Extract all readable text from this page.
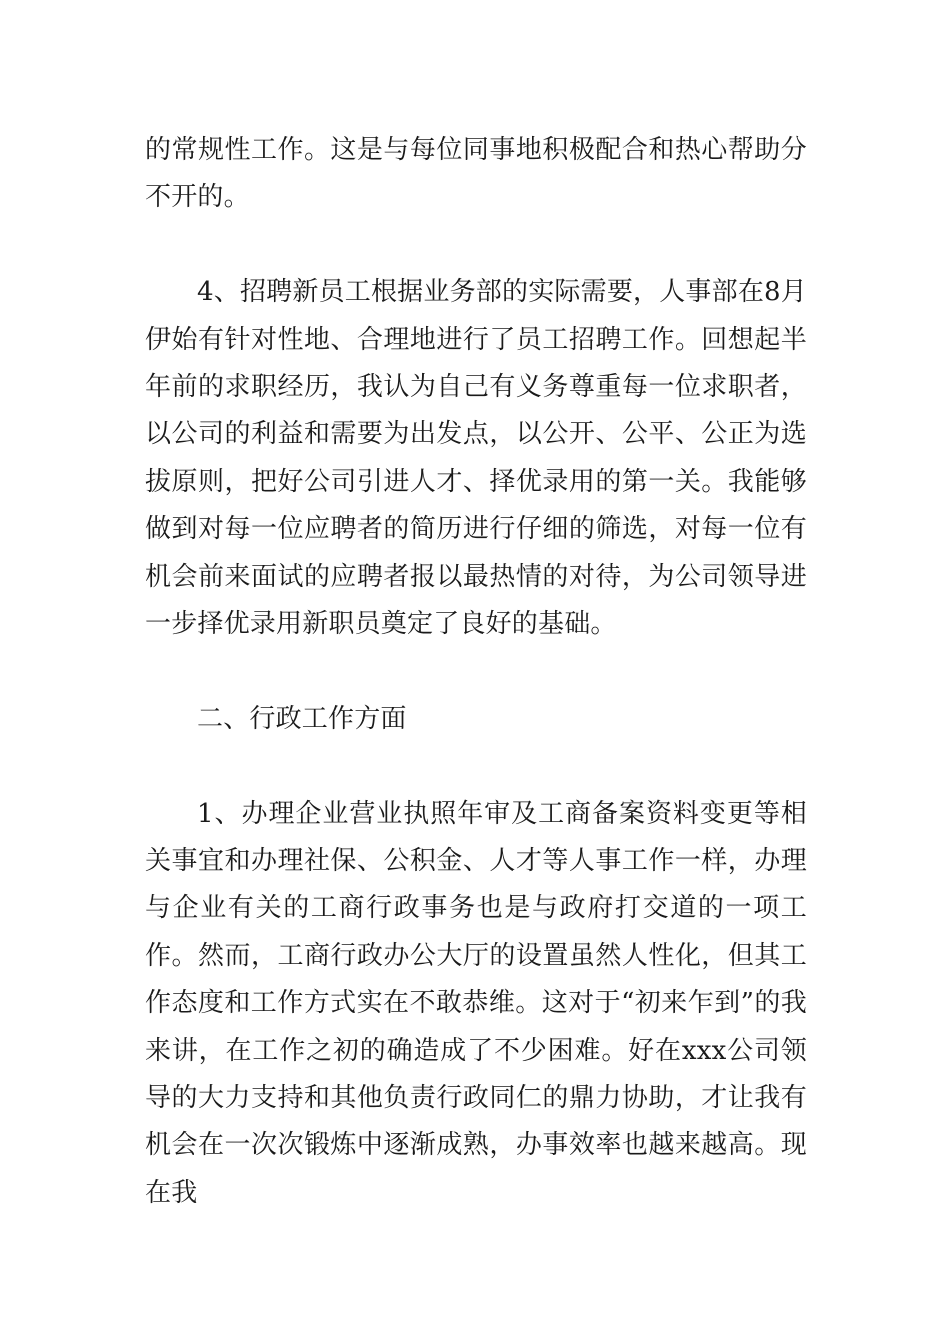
的常规性工作。这是与每位同事地积极配合和热心帮助分不开的。

4、招聘新员工根据业务部的实际需要，人事部在8月伊始有针对性地、合理地进行了员工招聘工作。回想起半年前的求职经历，我认为自己有义务尊重每一位求职者，以公司的利益和需要为出发点，以公开、公平、公正为选拔原则，把好公司引进人才、择优录用的第一关。我能够做到对每一位应聘者的简历进行仔细的筛选，对每一位有机会前来面试的应聘者报以最热情的对待，为公司领导进一步择优录用新职员奠定了良好的基础。

二、行政工作方面

1、办理企业营业执照年审及工商备案资料变更等相关事宜和办理社保、公积金、人才等人事工作一样，办理与企业有关的工商行政事务也是与政府打交道的一项工作。然而，工商行政办公大厅的设置虽然人性化，但其工作态度和工作方式实在不敢恭维。这对于“初来乍到”的我来讲，在工作之初的确造成了不少困难。好在xxx公司领导的大力支持和其他负责行政同仁的鼎力协助，才让我有机会在一次次锻炼中逐渐成熟，办事效率也越来越高。现在我
